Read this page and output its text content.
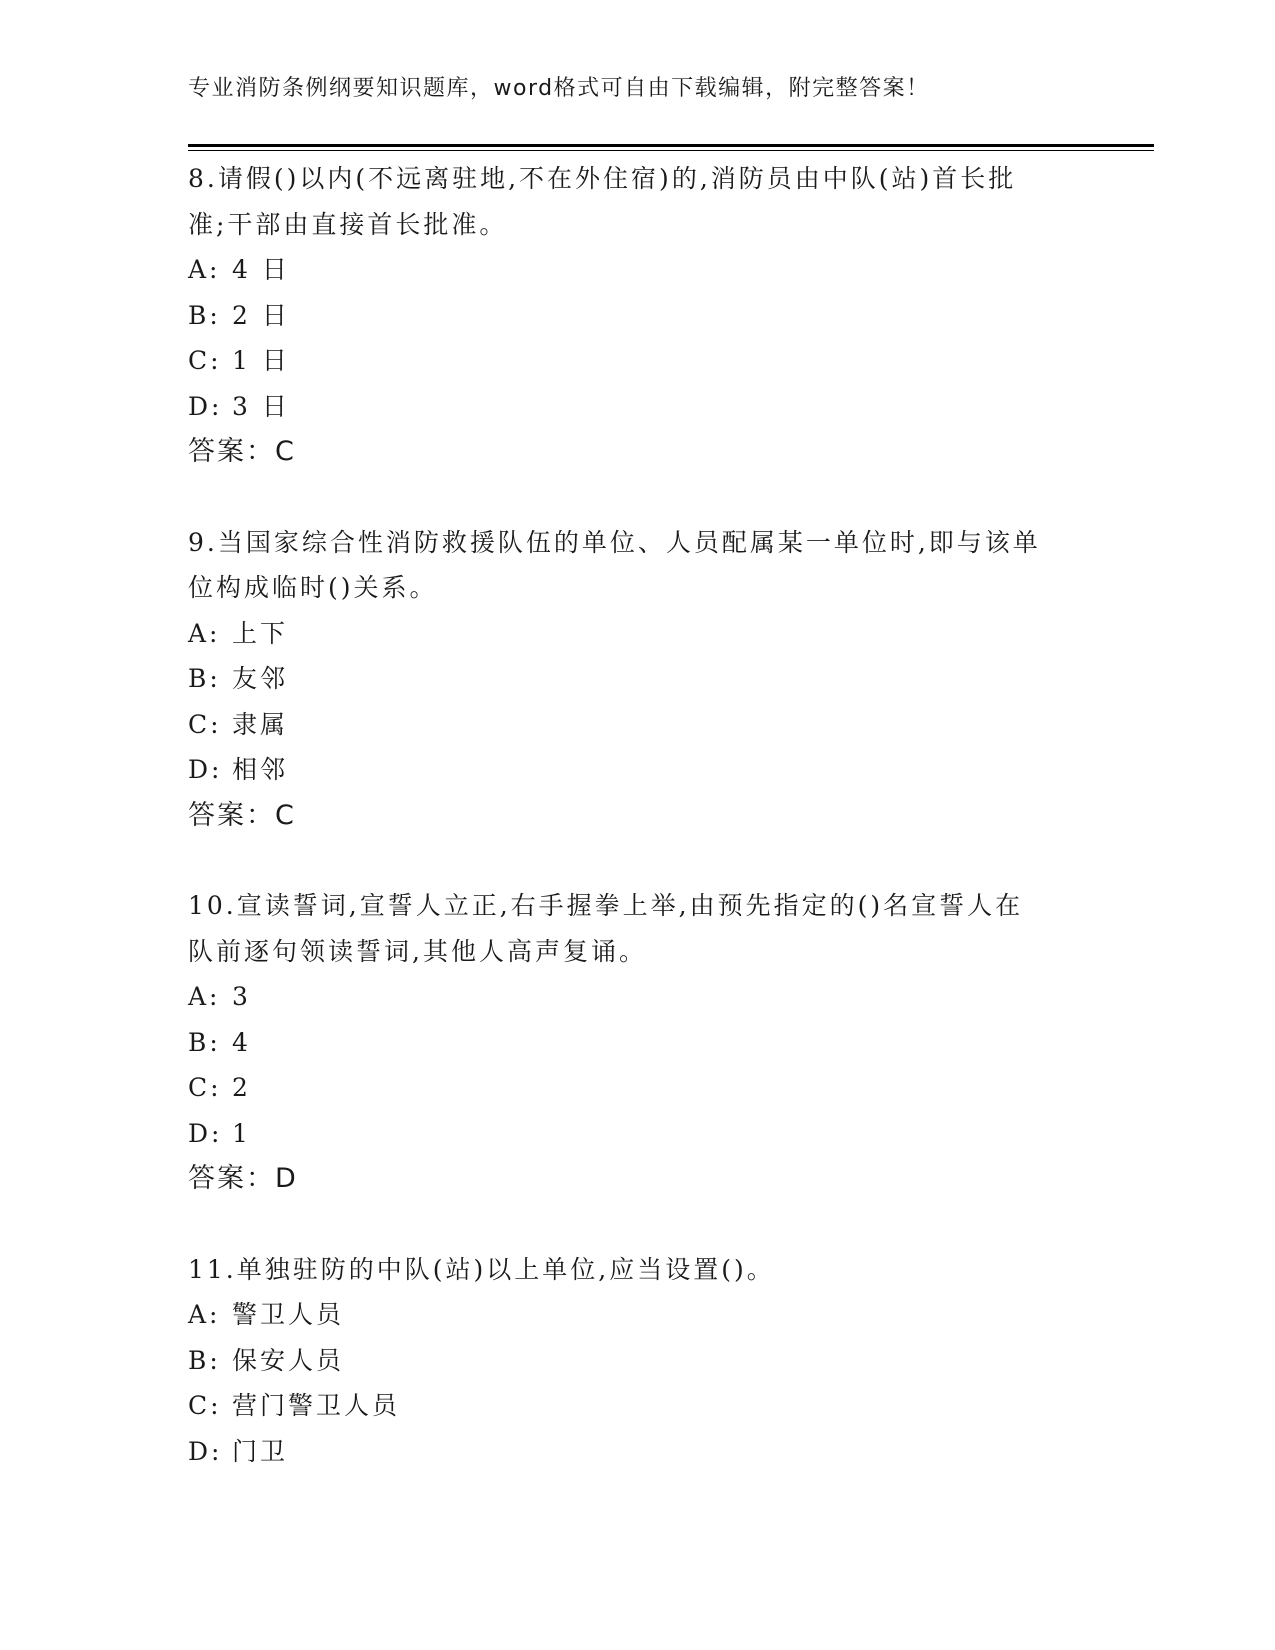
专业消防条例纲要知识题库，word格式可自由下载编辑，附完整答案！
8.请假()以内(不远离驻地,不在外住宿)的,消防员由中队(站)首长批
准;干部由直接首长批准。
A: 4 日
B: 2 日
C: 1 日
D: 3 日
答案：C
9.当国家综合性消防救援队伍的单位、人员配属某一单位时,即与该单
位构成临时()关系。
A: 上下
B: 友邻
C: 隶属
D: 相邻
答案：C
10.宣读誓词,宣誓人立正,右手握拳上举,由预先指定的()名宣誓人在
队前逐句领读誓词,其他人高声复诵。
A: 3
B: 4
C: 2
D: 1
答案：D
11.单独驻防的中队(站)以上单位,应当设置()。
A: 警卫人员
B: 保安人员
C: 营门警卫人员
D: 门卫
